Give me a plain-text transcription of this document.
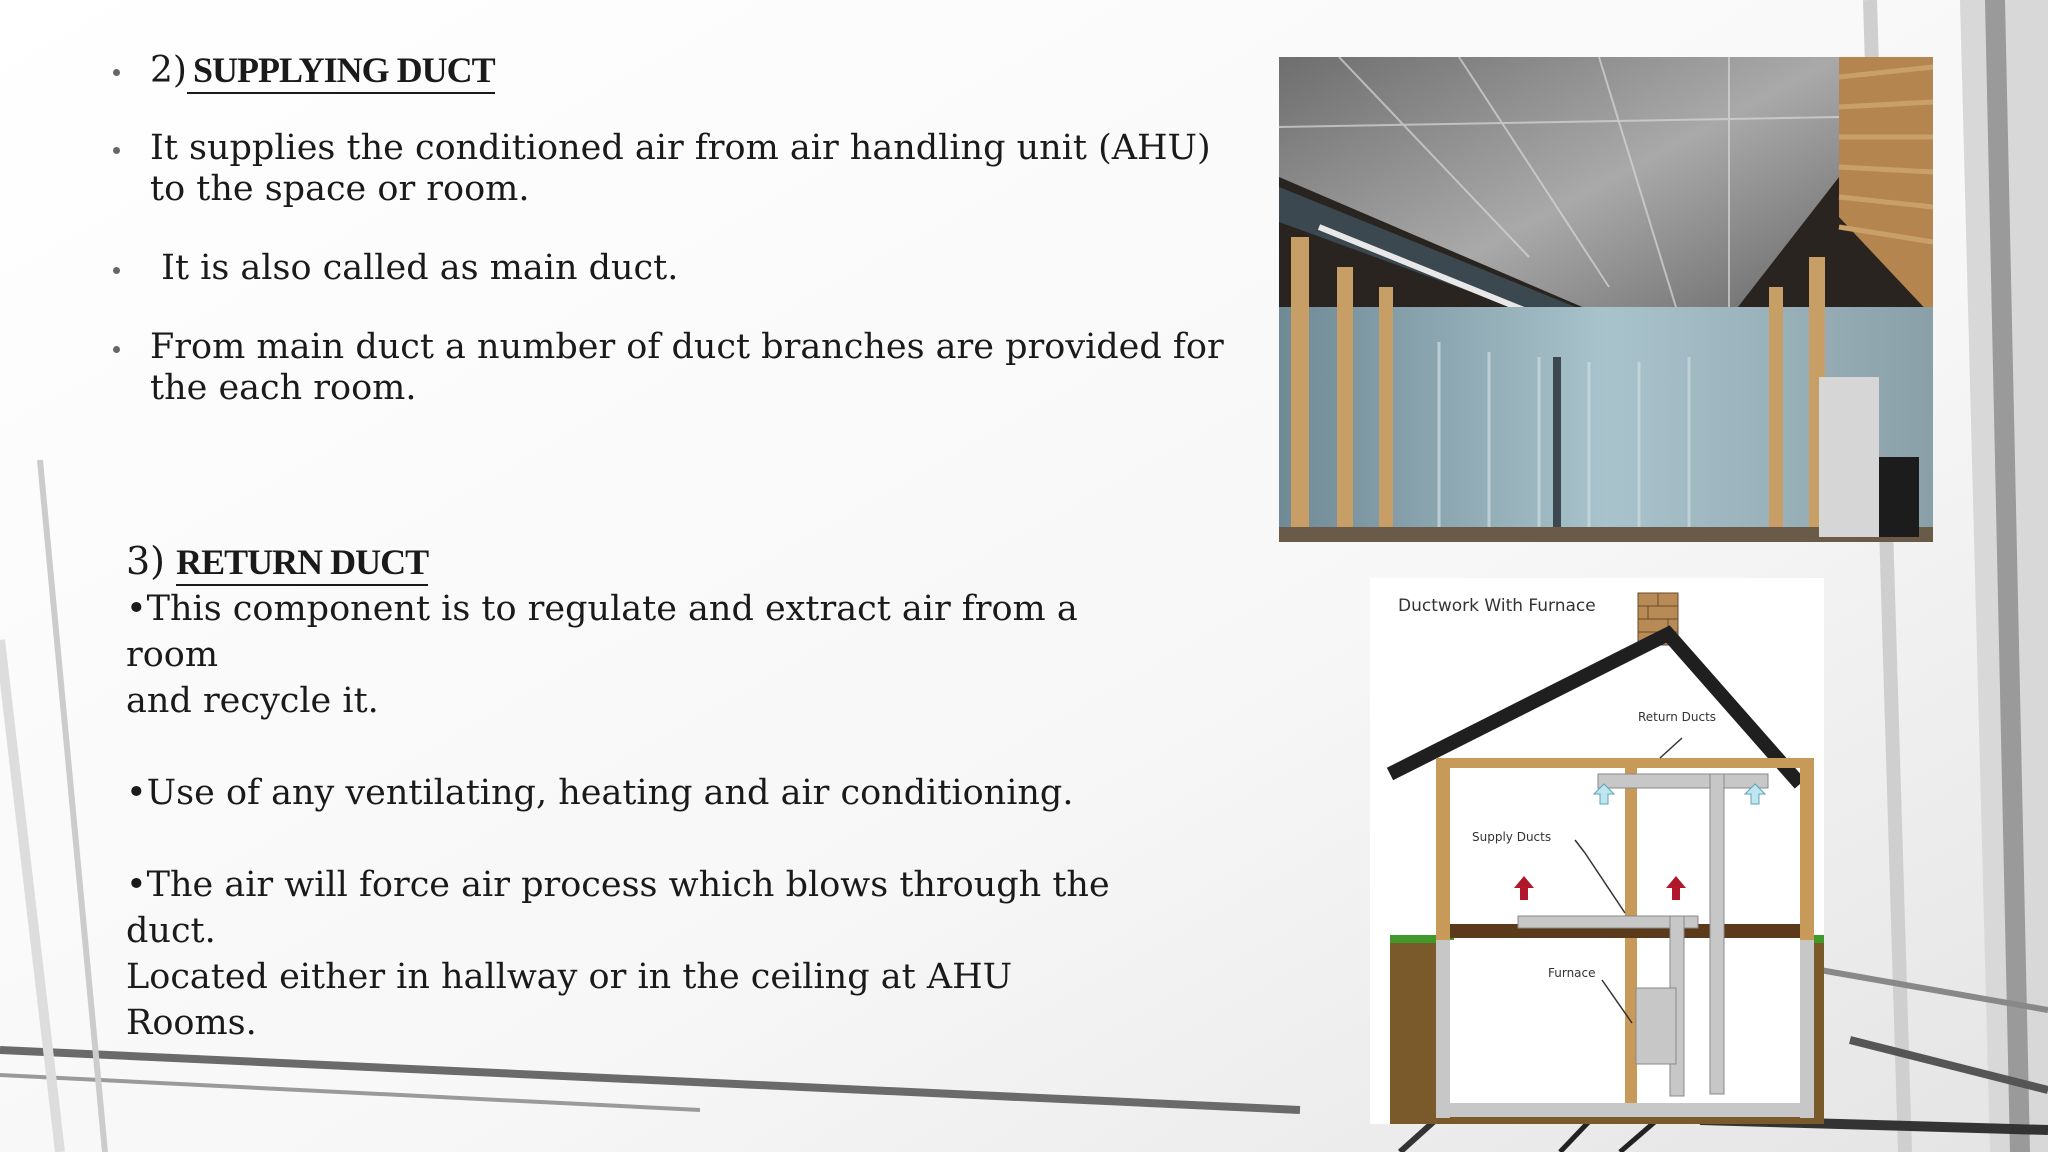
2) SUPPLYING DUCT
It supplies the conditioned air from air handling unit (AHU) to the space or room.
It is also called as main duct.
From main duct a number of duct branches are provided for the each room.
3) RETURN DUCT

•This component is to regulate and extract air from a room

and recycle it.

•Use of any ventilating, heating and air conditioning.

•The air will force air process which blows through the duct.

Located either in hallway or in the ceiling at AHU Rooms.

Ductwork With Furnace
Return Ducts
Supply Ducts
Furnace
